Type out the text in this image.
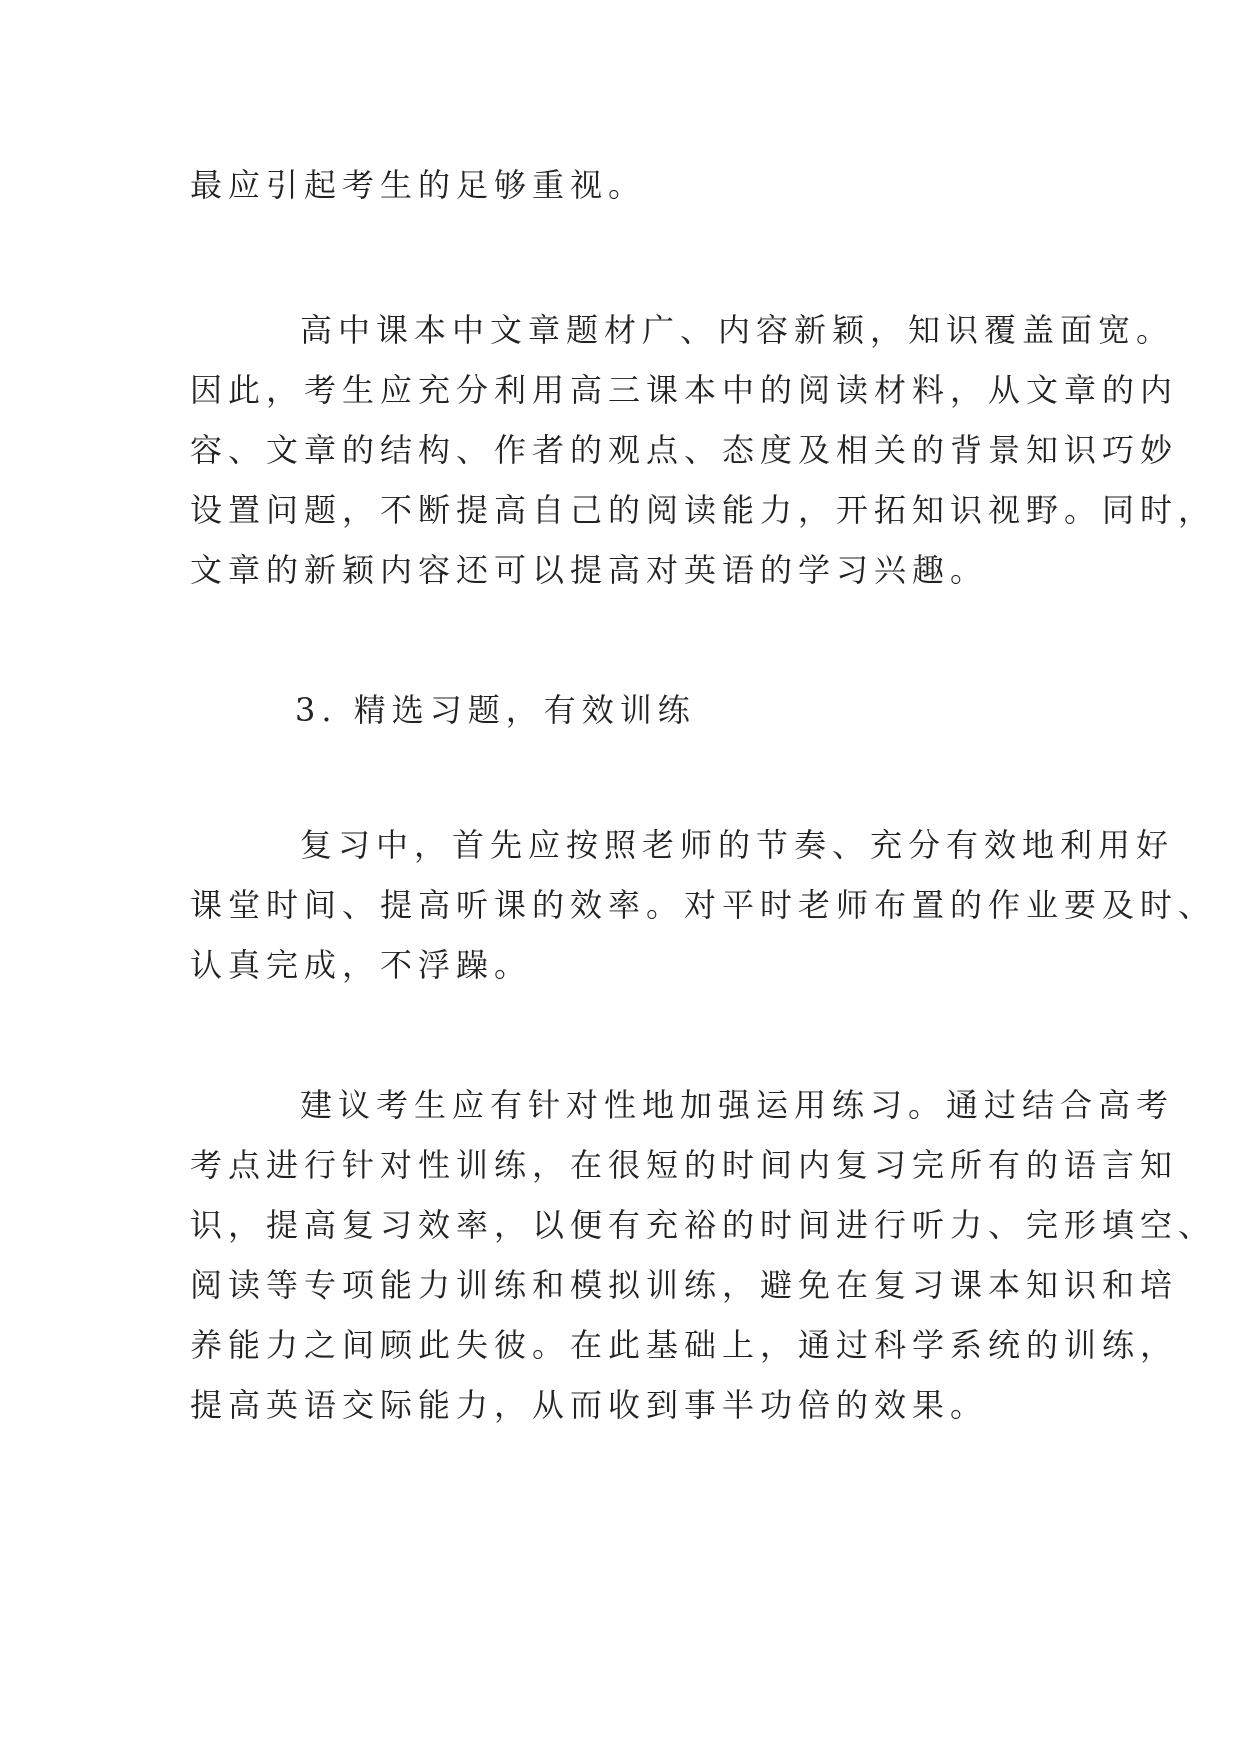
最应引起考生的足够重视。
高中课本中文章题材广、内容新颖，知识覆盖面宽。
因此，考生应充分利用高三课本中的阅读材料，从文章的内
容、文章的结构、作者的观点、态度及相关的背景知识巧妙
设置问题，不断提高自己的阅读能力，开拓知识视野。同时，
文章的新颖内容还可以提高对英语的学习兴趣。
3. 精选习题，有效训练
复习中，首先应按照老师的节奏、充分有效地利用好
课堂时间、提高听课的效率。对平时老师布置的作业要及时、
认真完成，不浮躁。
建议考生应有针对性地加强运用练习。通过结合高考
考点进行针对性训练，在很短的时间内复习完所有的语言知
识，提高复习效率，以便有充裕的时间进行听力、完形填空、
阅读等专项能力训练和模拟训练，避免在复习课本知识和培
养能力之间顾此失彼。在此基础上，通过科学系统的训练，
提高英语交际能力，从而收到事半功倍的效果。
